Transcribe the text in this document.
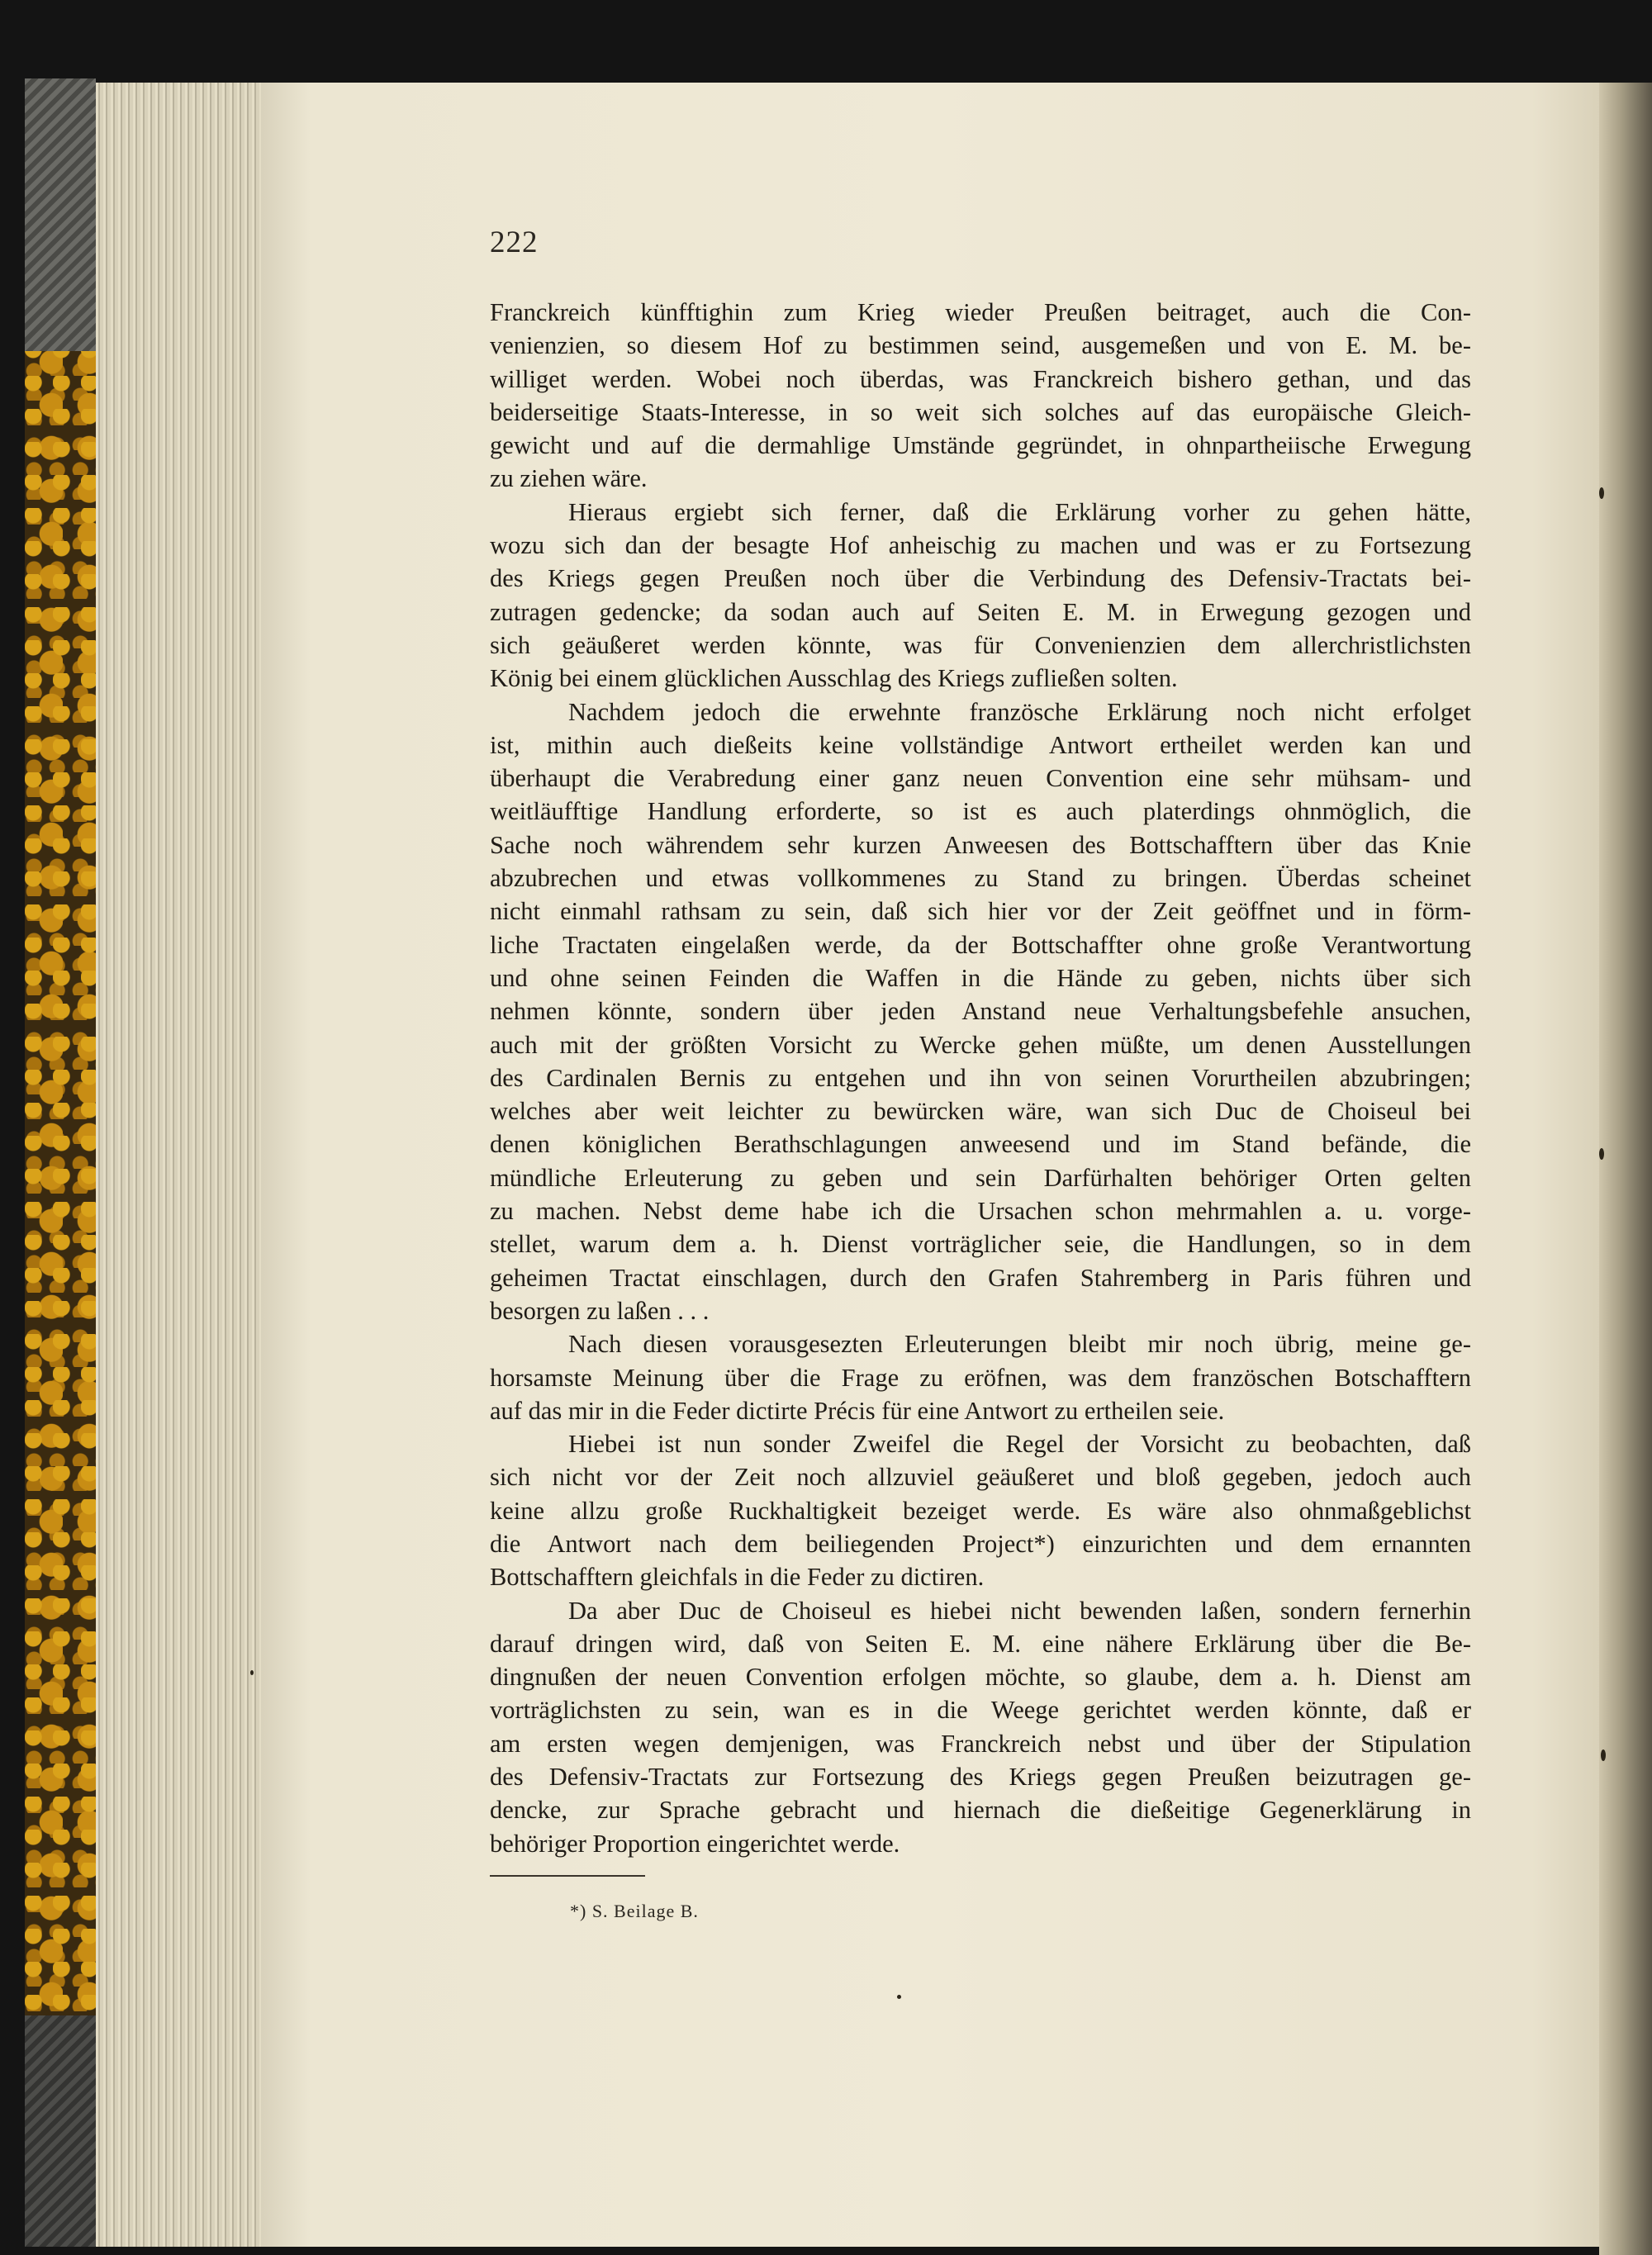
222
Franckreich künfftighin zum Krieg wieder Preußen beitraget, auch die Con-
venienzien, so diesem Hof zu bestimmen seind, ausgemeßen und von E. M. be-
williget werden. Wobei noch überdas, was Franckreich bishero gethan, und das
beiderseitige Staats-Interesse, in so weit sich solches auf das europäische Gleich-
gewicht und auf die dermahlige Umstände gegründet, in ohnpartheiische Erwegung
zu ziehen wäre.
Hieraus ergiebt sich ferner, daß die Erklärung vorher zu gehen hätte,
wozu sich dan der besagte Hof anheischig zu machen und was er zu Fortsezung
des Kriegs gegen Preußen noch über die Verbindung des Defensiv-Tractats bei-
zutragen gedencke; da sodan auch auf Seiten E. M. in Erwegung gezogen und
sich geäußeret werden könnte, was für Convenienzien dem allerchristlichsten
König bei einem glücklichen Ausschlag des Kriegs zufließen solten.
Nachdem jedoch die erwehnte französche Erklärung noch nicht erfolget
ist, mithin auch dießeits keine vollständige Antwort ertheilet werden kan und
überhaupt die Verabredung einer ganz neuen Convention eine sehr mühsam- und
weitläufftige Handlung erforderte, so ist es auch platerdings ohnmöglich, die
Sache noch währendem sehr kurzen Anweesen des Bottschafftern über das Knie
abzubrechen und etwas vollkommenes zu Stand zu bringen. Überdas scheinet
nicht einmahl rathsam zu sein, daß sich hier vor der Zeit geöffnet und in förm-
liche Tractaten eingelaßen werde, da der Bottschaffter ohne große Verantwortung
und ohne seinen Feinden die Waffen in die Hände zu geben, nichts über sich
nehmen könnte, sondern über jeden Anstand neue Verhaltungsbefehle ansuchen,
auch mit der größten Vorsicht zu Wercke gehen müßte, um denen Ausstellungen
des Cardinalen Bernis zu entgehen und ihn von seinen Vorurtheilen abzubringen;
welches aber weit leichter zu bewürcken wäre, wan sich Duc de Choiseul bei
denen königlichen Berathschlagungen anweesend und im Stand befände, die
mündliche Erleuterung zu geben und sein Darfürhalten behöriger Orten gelten
zu machen. Nebst deme habe ich die Ursachen schon mehrmahlen a. u. vorge-
stellet, warum dem a. h. Dienst vorträglicher seie, die Handlungen, so in dem
geheimen Tractat einschlagen, durch den Grafen Stahremberg in Paris führen und
besorgen zu laßen . . .
Nach diesen vorausgesezten Erleuterungen bleibt mir noch übrig, meine ge-
horsamste Meinung über die Frage zu eröfnen, was dem französchen Botschafftern
auf das mir in die Feder dictirte Précis für eine Antwort zu ertheilen seie.
Hiebei ist nun sonder Zweifel die Regel der Vorsicht zu beobachten, daß
sich nicht vor der Zeit noch allzuviel geäußeret und bloß gegeben, jedoch auch
keine allzu große Ruckhaltigkeit bezeiget werde. Es wäre also ohnmaßgeblichst
die Antwort nach dem beiliegenden Project*) einzurichten und dem ernannten
Bottschafftern gleichfals in die Feder zu dictiren.
Da aber Duc de Choiseul es hiebei nicht bewenden laßen, sondern fernerhin
darauf dringen wird, daß von Seiten E. M. eine nähere Erklärung über die Be-
dingnußen der neuen Convention erfolgen möchte, so glaube, dem a. h. Dienst am
vorträglichsten zu sein, wan es in die Weege gerichtet werden könnte, daß er
am ersten wegen demjenigen, was Franckreich nebst und über der Stipulation
des Defensiv-Tractats zur Fortsezung des Kriegs gegen Preußen beizutragen ge-
dencke, zur Sprache gebracht und hiernach die dießeitige Gegenerklärung in
behöriger Proportion eingerichtet werde.
*) S. Beilage B.
